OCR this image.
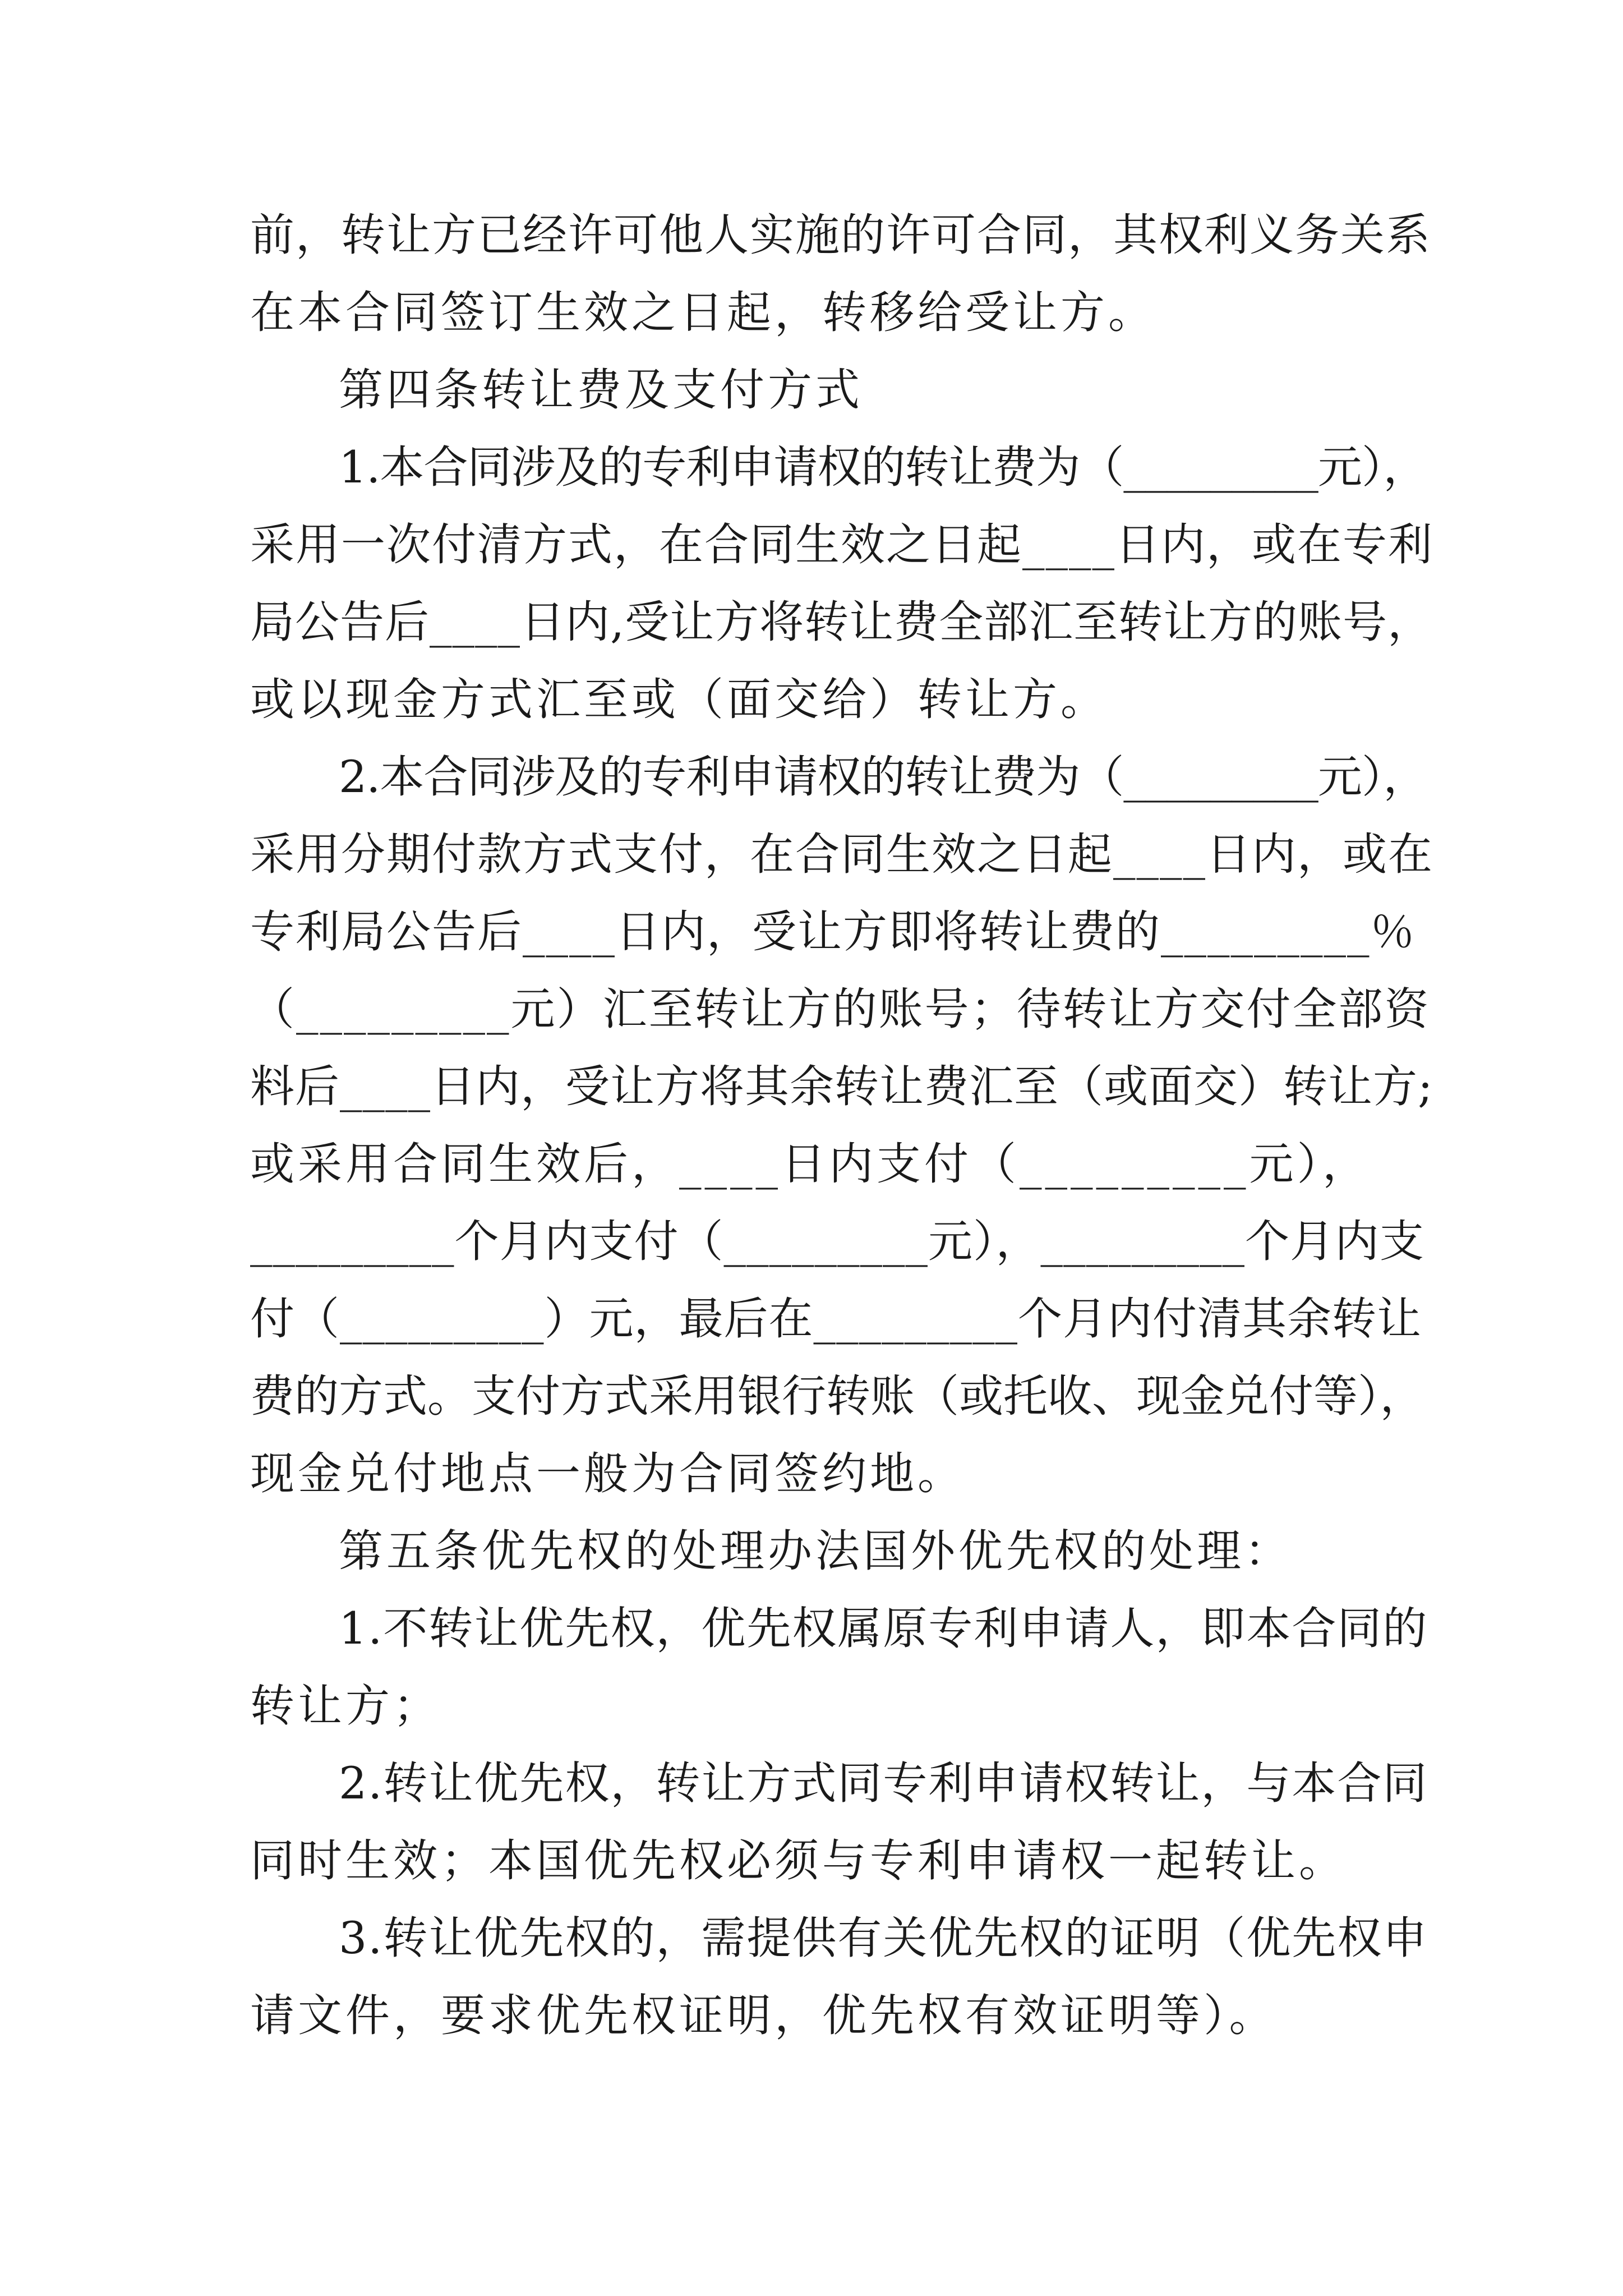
前，转让方已经许可他人实施的许可合同，其权利义务关系
在本合同签订生效之日起，转移给受让方。
第四条转让费及支付方式
1.本合同涉及的专利申请权的转让费为（_________元），
采用一次付清方式，在合同生效之日起____日内，或在专利
局公告后____日内,受让方将转让费全部汇至转让方的账号，
或以现金方式汇至或（面交给）转让方。
2.本合同涉及的专利申请权的转让费为（_________元），
采用分期付款方式支付，在合同生效之日起____日内，或在
专利局公告后____日内，受让方即将转让费的_________％
（_________元）汇至转让方的账号；待转让方交付全部资
料后____日内，受让方将其余转让费汇至（或面交）转让方;
或采用合同生效后，____日内支付（_________元），
_________个月内支付（_________元），_________个月内支
付（_________）元，最后在_________个月内付清其余转让
费的方式。支付方式采用银行转账（或托收、现金兑付等），
现金兑付地点一般为合同签约地。
第五条优先权的处理办法国外优先权的处理：
1.不转让优先权，优先权属原专利申请人，即本合同的
转让方；
2.转让优先权，转让方式同专利申请权转让，与本合同
同时生效；本国优先权必须与专利申请权一起转让。
3.转让优先权的，需提供有关优先权的证明（优先权申
请文件，要求优先权证明，优先权有效证明等）。
